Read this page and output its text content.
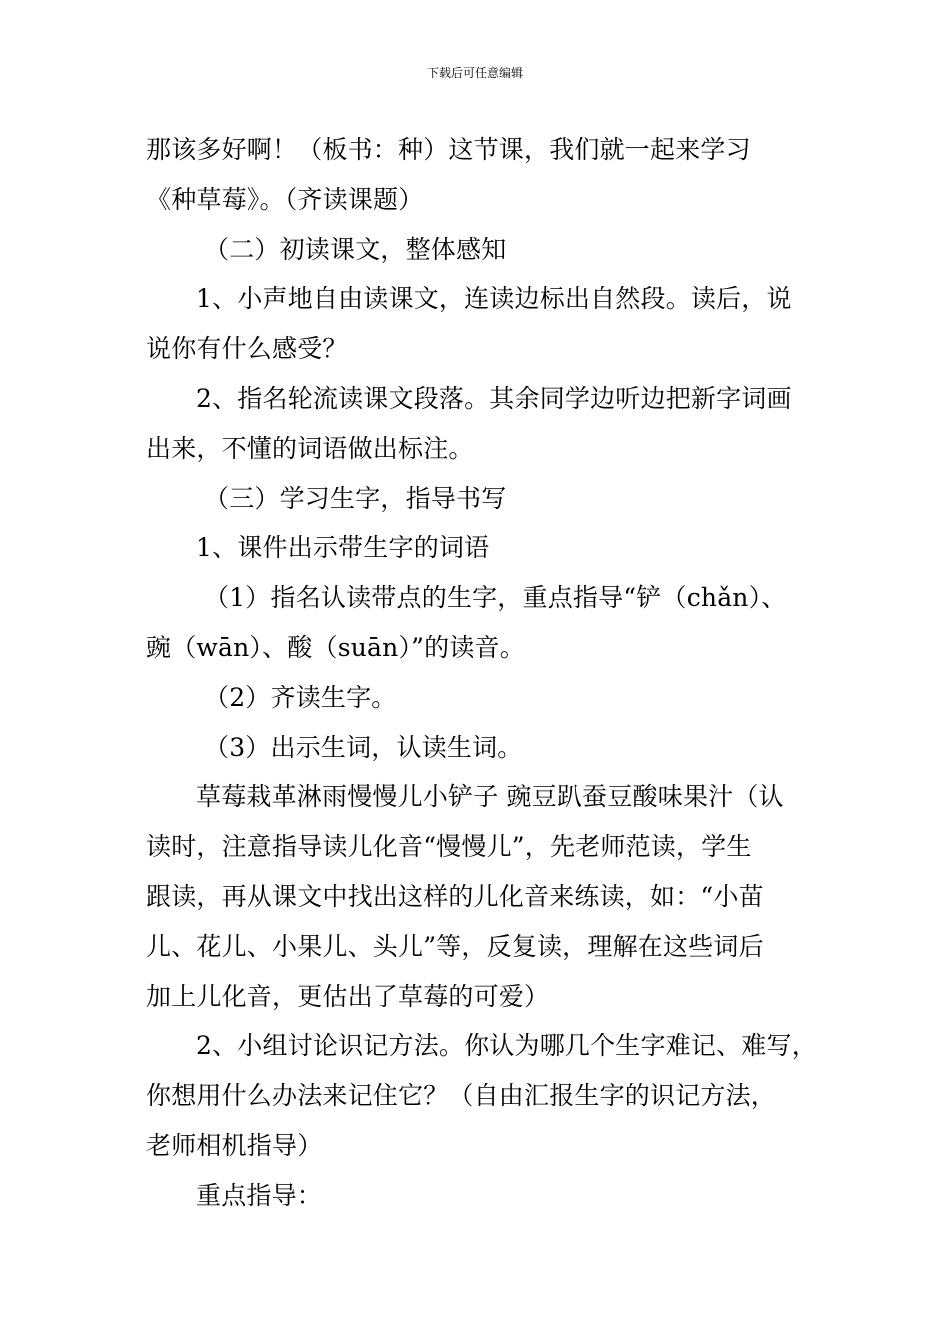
下载后可任意编辑
那该多好啊！（板书：种）这节课，我们就一起来学习
《种草莓》。（齐读课题）
（二）初读课文，整体感知
1、小声地自由读课文，连读边标出自然段。读后，说
说你有什么感受？
2、指名轮流读课文段落。其余同学边听边把新字词画
出来，不懂的词语做出标注。
（三）学习生字，指导书写
1、课件出示带生字的词语
（1）指名认读带点的生字，重点指导“铲（chǎn）、
豌（wān）、酸（suān）”的读音。
（2）齐读生字。
（3）出示生词，认读生词。
草莓栽革淋雨慢慢儿小铲子 豌豆趴蚕豆酸味果汁（认
读时，注意指导读儿化音“慢慢儿”，先老师范读，学生
跟读，再从课文中找出这样的儿化音来练读，如：“小苗
儿、花儿、小果儿、头儿”等，反复读，理解在这些词后
加上儿化音，更估出了草莓的可爱）
2、小组讨论识记方法。你认为哪几个生字难记、难写，
你想用什么办法来记住它？（自由汇报生字的识记方法，
老师相机指导）
重点指导：
